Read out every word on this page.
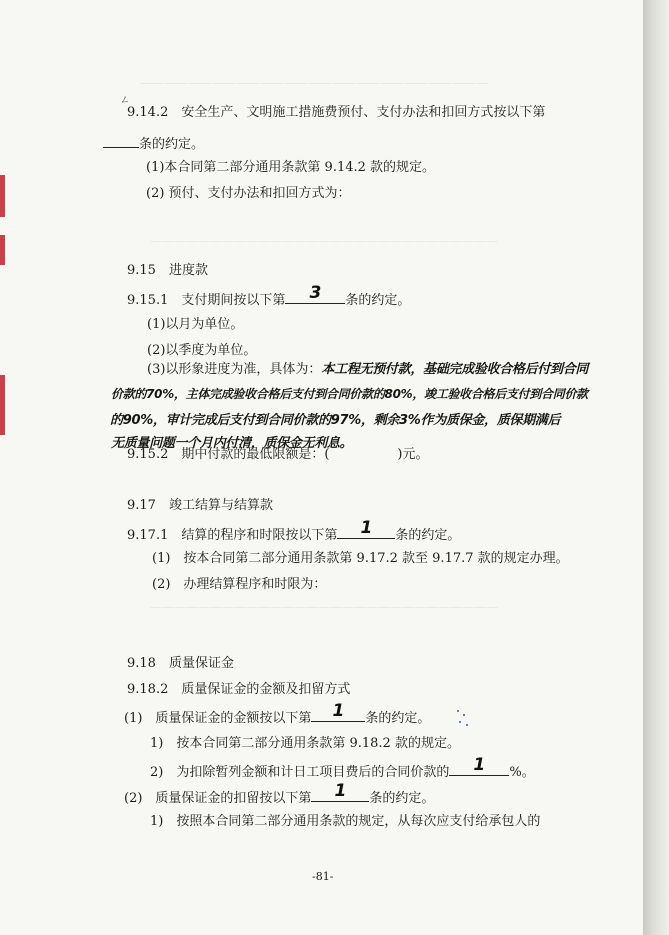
—————————————————————————————
—————————————————————————————
—————————————————————————————
ㄥ
9.14.2　安全生产、文明施工措施费预付、支付办法和扣回方式按以下第
条的约定。
(1)本合同第二部分通用条款第 9.14.2 款的规定。
(2) 预付、支付办法和扣回方式为：
9.15　进度款
9.15.1　支付期间按以下第	3	条的约定。
(1)以月为单位。
(2)以季度为单位。
(3)以形象进度为准，具体为：本工程无预付款，基础完成验收合格后付到合同
价款的70%，主体完成验收合格后支付到合同价款的80%，竣工验收合格后支付到合同价款
的90%，审计完成后支付到合同价款的97%，剩余3%作为质保金，质保期满后
无质量问题一个月内付清，质保金无利息。
9.15.2　期中付款的最低限额是：(	)元。
9.17　竣工结算与结算款
9.17.1　结算的程序和时限按以下第	1	条的约定。
(1)　按本合同第二部分通用条款第 9.17.2 款至 9.17.7 款的规定办理。
(2)　办理结算程序和时限为：
9.18　质量保证金
9.18.2　质量保证金的金额及扣留方式
(1)　质量保证金的金额按以下第	1	条的约定。
1)　按本合同第二部分通用条款第 9.18.2 款的规定。
2)　为扣除暂列金额和计日工项目费后的合同价款的	1	%。
(2)　质量保证金的扣留按以下第	1	条的约定。
1)　按照本合同第二部分通用条款的规定，从每次应支付给承包人的
-81-
